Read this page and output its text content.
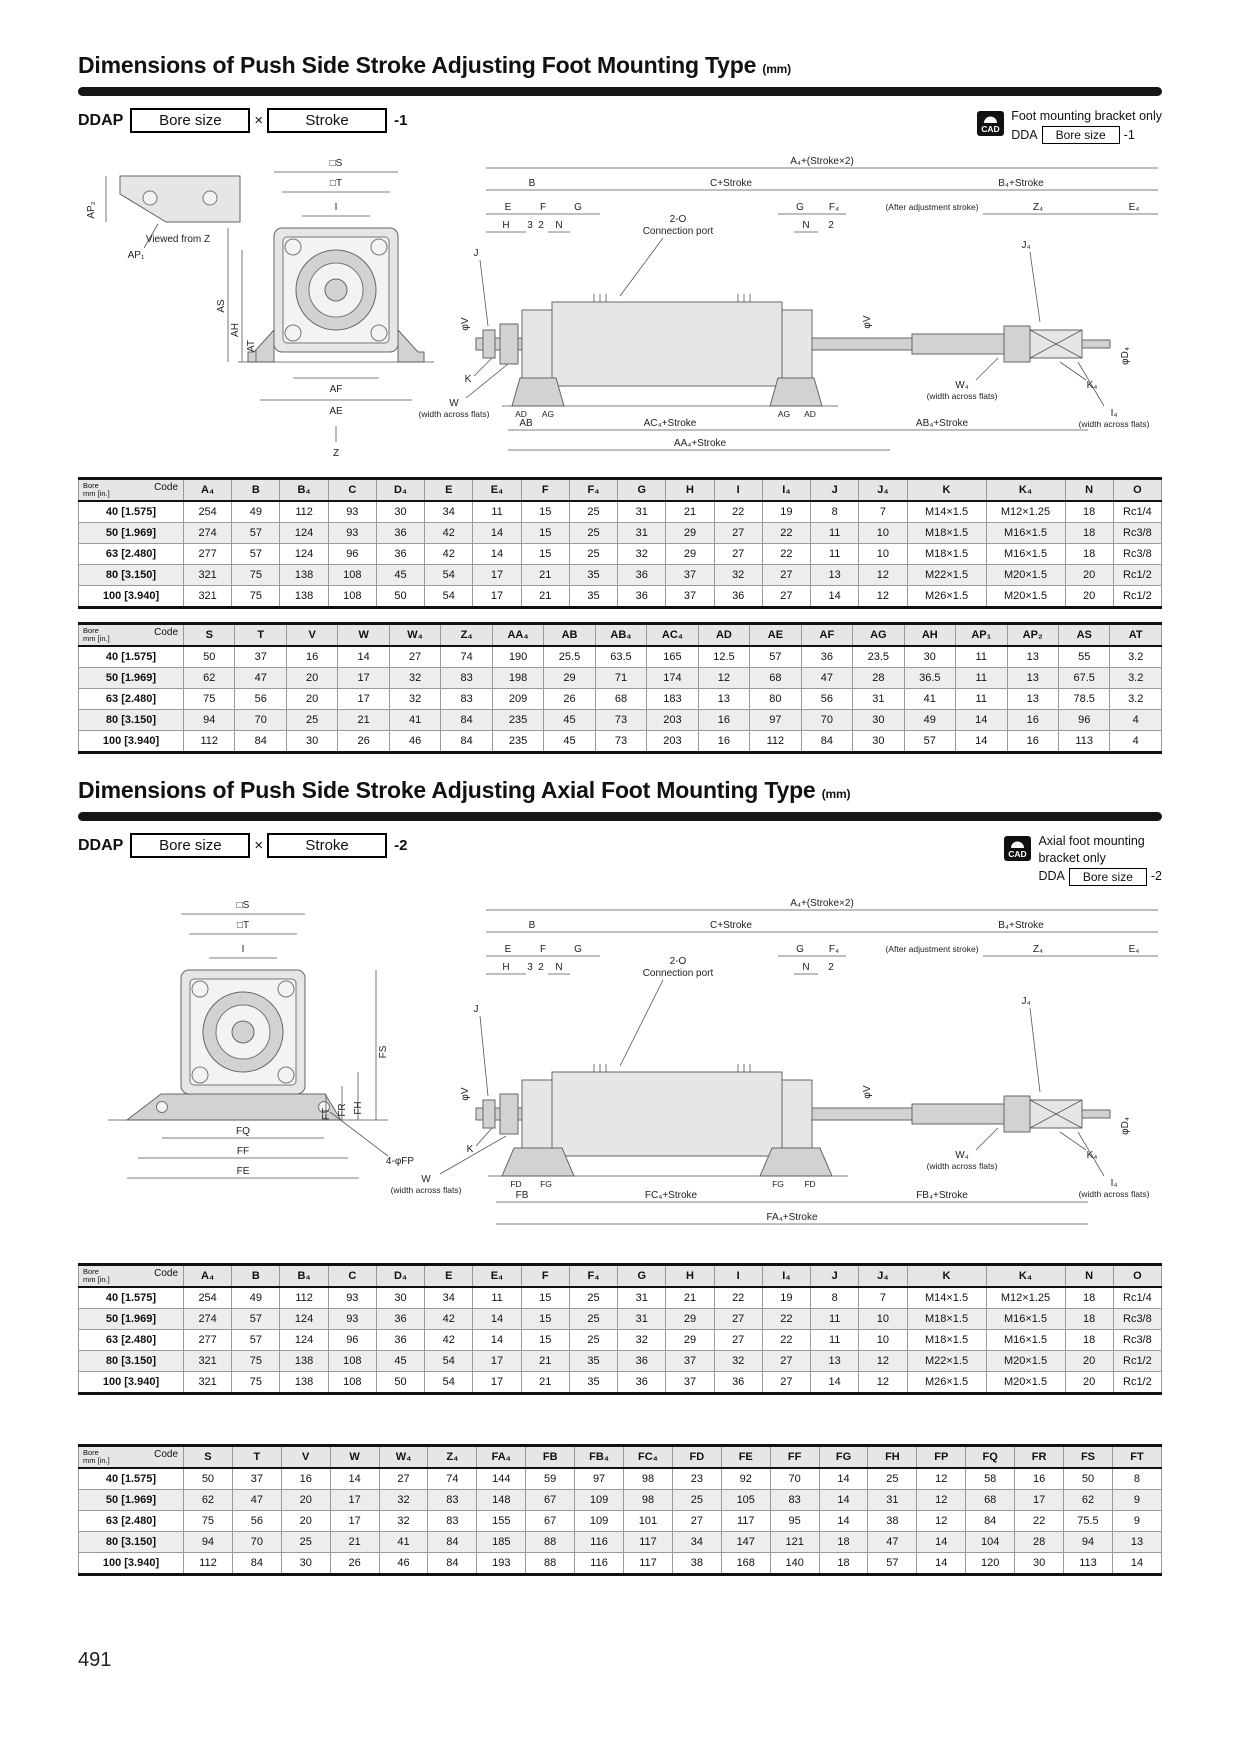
Dimensions of Push Side Stroke Adjusting Foot Mounting Type (mm)
DDAP	Bore size	×	Stroke	-1	CAD
Foot mounting bracket only
DDA	Bore size	-1
AP₂
Viewed from Z
AP₁
□S
□T
I
AS
AH
AT
AF
AE
Z
A₄+(Stroke×2)
B	C+Stroke	B₄+Stroke
E	F	G	G	F₄	(After adjustment stroke)	Z₄	E₄
H 3 2 N	N 2
2-O
Connection port
J
J₄
φV	φV
φD₄
K
W
(width across flats)
W₄
(width across flats)
K₄
I₄
(width across flats)
AD AG	AG AD
AB	AC₄+Stroke	AB₄+Stroke
AA₄+Stroke
Code
Bore
mm [in.]	A₄	B	B₄	C	D₄	E	E₄	F	F₄	G	H	I	I₄	J	J₄	K	K₄	N	O
40 [1.575]	254	49	112	93	30	34	11	15	25	31	21	22	19	8	7	M14×1.5	M12×1.25	18	Rc1/4
50 [1.969]	274	57	124	93	36	42	14	15	25	31	29	27	22	11	10	M18×1.5	M16×1.5	18	Rc3/8
63 [2.480]	277	57	124	96	36	42	14	15	25	32	29	27	22	11	10	M18×1.5	M16×1.5	18	Rc3/8
80 [3.150]	321	75	138	108	45	54	17	21	35	36	37	32	27	13	12	M22×1.5	M20×1.5	20	Rc1/2
100 [3.940]	321	75	138	108	50	54	17	21	35	36	37	36	27	14	12	M26×1.5	M20×1.5	20	Rc1/2
Code
Bore
mm [in.]	S	T	V	W	W₄	Z₄	AA₄	AB	AB₄	AC₄	AD	AE	AF	AG	AH	AP₁	AP₂	AS	AT
40 [1.575]	50	37	16	14	27	74	190	25.5	63.5	165	12.5	57	36	23.5	30	11	13	55	3.2
50 [1.969]	62	47	20	17	32	83	198	29	71	174	12	68	47	28	36.5	11	13	67.5	3.2
63 [2.480]	75	56	20	17	32	83	209	26	68	183	13	80	56	31	41	11	13	78.5	3.2
80 [3.150]	94	70	25	21	41	84	235	45	73	203	16	97	70	30	49	14	16	96	4
100 [3.940]	112	84	30	26	46	84	235	45	73	203	16	112	84	30	57	14	16	113	4
Dimensions of Push Side Stroke Adjusting Axial Foot Mounting Type (mm)
DDAP	Bore size	×	Stroke	-2	CAD
Axial foot mounting
bracket only
DDA	Bore size	-2
□S
□T
I
FT FR FH
FS
FQ
FF
FE
4-φFP
A₄+(Stroke×2)
B	C+Stroke	B₄+Stroke
E	F	G	G	F₄	(After adjustment stroke)	Z₄	E₄
H 3 2 N	N 2
2-O
Connection port
J
J₄
φV	φV
φD₄
K
W
(width across flats)
W₄
(width across flats)
K₄
I₄
(width across flats)
FD FG	FG FD
FB	FC₄+Stroke	FB₄+Stroke
FA₄+Stroke
Code
Bore
mm [in.]	A₄	B	B₄	C	D₄	E	E₄	F	F₄	G	H	I	I₄	J	J₄	K	K₄	N	O
40 [1.575]	254	49	112	93	30	34	11	15	25	31	21	22	19	8	7	M14×1.5	M12×1.25	18	Rc1/4
50 [1.969]	274	57	124	93	36	42	14	15	25	31	29	27	22	11	10	M18×1.5	M16×1.5	18	Rc3/8
63 [2.480]	277	57	124	96	36	42	14	15	25	32	29	27	22	11	10	M18×1.5	M16×1.5	18	Rc3/8
80 [3.150]	321	75	138	108	45	54	17	21	35	36	37	32	27	13	12	M22×1.5	M20×1.5	20	Rc1/2
100 [3.940]	321	75	138	108	50	54	17	21	35	36	37	36	27	14	12	M26×1.5	M20×1.5	20	Rc1/2
Code
Bore
mm [in.]	S	T	V	W	W₄	Z₄	FA₄	FB	FB₄	FC₄	FD	FE	FF	FG	FH	FP	FQ	FR	FS	FT
40 [1.575]	50	37	16	14	27	74	144	59	97	98	23	92	70	14	25	12	58	16	50	8
50 [1.969]	62	47	20	17	32	83	148	67	109	98	25	105	83	14	31	12	68	17	62	9
63 [2.480]	75	56	20	17	32	83	155	67	109	101	27	117	95	14	38	12	84	22	75.5	9
80 [3.150]	94	70	25	21	41	84	185	88	116	117	34	147	121	18	47	14	104	28	94	13
100 [3.940]	112	84	30	26	46	84	193	88	116	117	38	168	140	18	57	14	120	30	113	14
491
